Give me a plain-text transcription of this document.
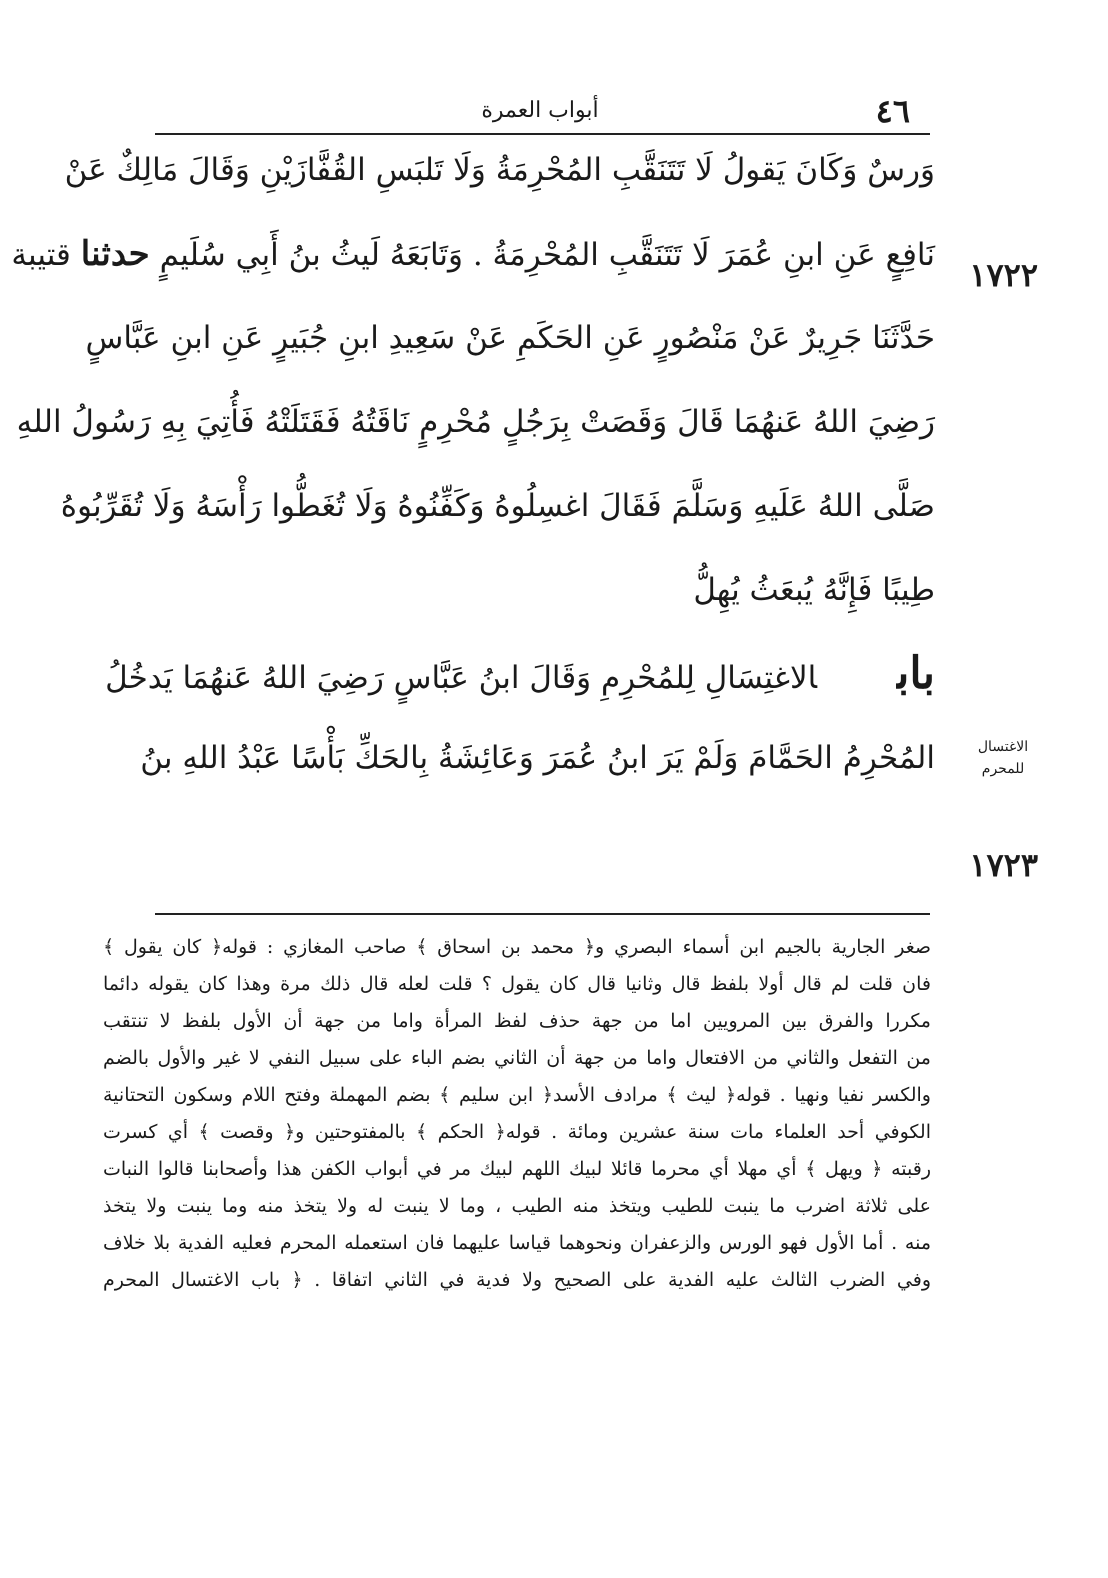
٤٦
أبواب العمرة
وَرسٌ وَكَانَ يَقولُ لَا تَتَنَقَّبِ المُحْرِمَةُ وَلَا تَلبَسِ القُفَّازَيْنِ وَقَالَ مَالِكٌ عَنْ
نَافِعٍ عَنِ ابنِ عُمَرَ لَا تَتَنَقَّبِ المُحْرِمَةُ . وَتَابَعَهُ لَيثُ بنُ أَبِي سُلَيمٍ حدثنا قتيبة
حَدَّثَنَا جَرِيرٌ عَنْ مَنْصُورٍ عَنِ الحَكَمِ عَنْ سَعِيدِ ابنِ جُبَيرٍ عَنِ ابنِ عَبَّاسٍ
رَضِيَ اللهُ عَنهُمَا قَالَ وَقَصَتْ بِرَجُلٍ مُحْرِمٍ نَاقَتُهُ فَقَتَلَتْهُ فَأُتِيَ بِهِ رَسُولُ اللهِ
صَلَّى اللهُ عَلَيهِ وَسَلَّمَ فَقَالَ اغسِلُوهُ وَكَفِّنُوهُ وَلَا تُغَطُّوا رَأْسَهُ وَلَا تُقَرِّبُوهُ
طِيبًا فَإِنَّهُ يُبعَثُ يُهِلُّ
بابالاغتِسَالِ لِلمُحْرِمِ وَقَالَ ابنُ عَبَّاسٍ رَضِيَ اللهُ عَنهُمَا يَدخُلُ
المُحْرِمُ الحَمَّامَ وَلَمْ يَرَ ابنُ عُمَرَ وَعَائِشَةُ بِالحَكِّ بَأْسًا عَبْدُ اللهِ بنُ
١٧٢٢
١٧٢٣
الاغتسال
للمحرم
صغر الجارية بالجيم ابن أسماء البصري و﴿ محمد بن اسحاق ﴾ صاحب المغازي : قوله﴿ كان يقول ﴾
فان قلت لم قال أولا بلفظ قال وثانيا قال كان يقول ؟ قلت لعله قال ذلك مرة وهذا كان يقوله دائما
مكررا والفرق بين المرويين اما من جهة حذف لفظ المرأة واما من جهة أن الأول بلفظ لا تنتقب
من التفعل والثاني من الافتعال واما من جهة أن الثاني بضم الباء على سبيل النفي لا غير والأول بالضم
والكسر نفيا ونهيا . قوله﴿ ليث ﴾ مرادف الأسد﴿ ابن سليم ﴾ بضم المهملة وفتح اللام وسكون التحتانية
الكوفي أحد العلماء مات سنة عشرين ومائة . قوله﴿ الحكم ﴾ بالمفتوحتين و﴿ وقصت ﴾ أي كسرت
رقبته ﴿ ويهل ﴾ أي مهلا أي محرما قائلا لبيك اللهم لبيك مر في أبواب الكفن هذا وأصحابنا قالوا النبات
على ثلاثة اضرب ما ينبت للطيب ويتخذ منه الطيب ، وما لا ينبت له ولا يتخذ منه وما ينبت ولا يتخذ
منه . أما الأول فهو الورس والزعفران ونحوهما قياسا عليهما فان استعمله المحرم فعليه الفدية بلا خلاف
وفي الضرب الثالث عليه الفدية على الصحيح ولا فدية في الثاني اتفاقا . ﴿ باب الاغتسال المحرم
